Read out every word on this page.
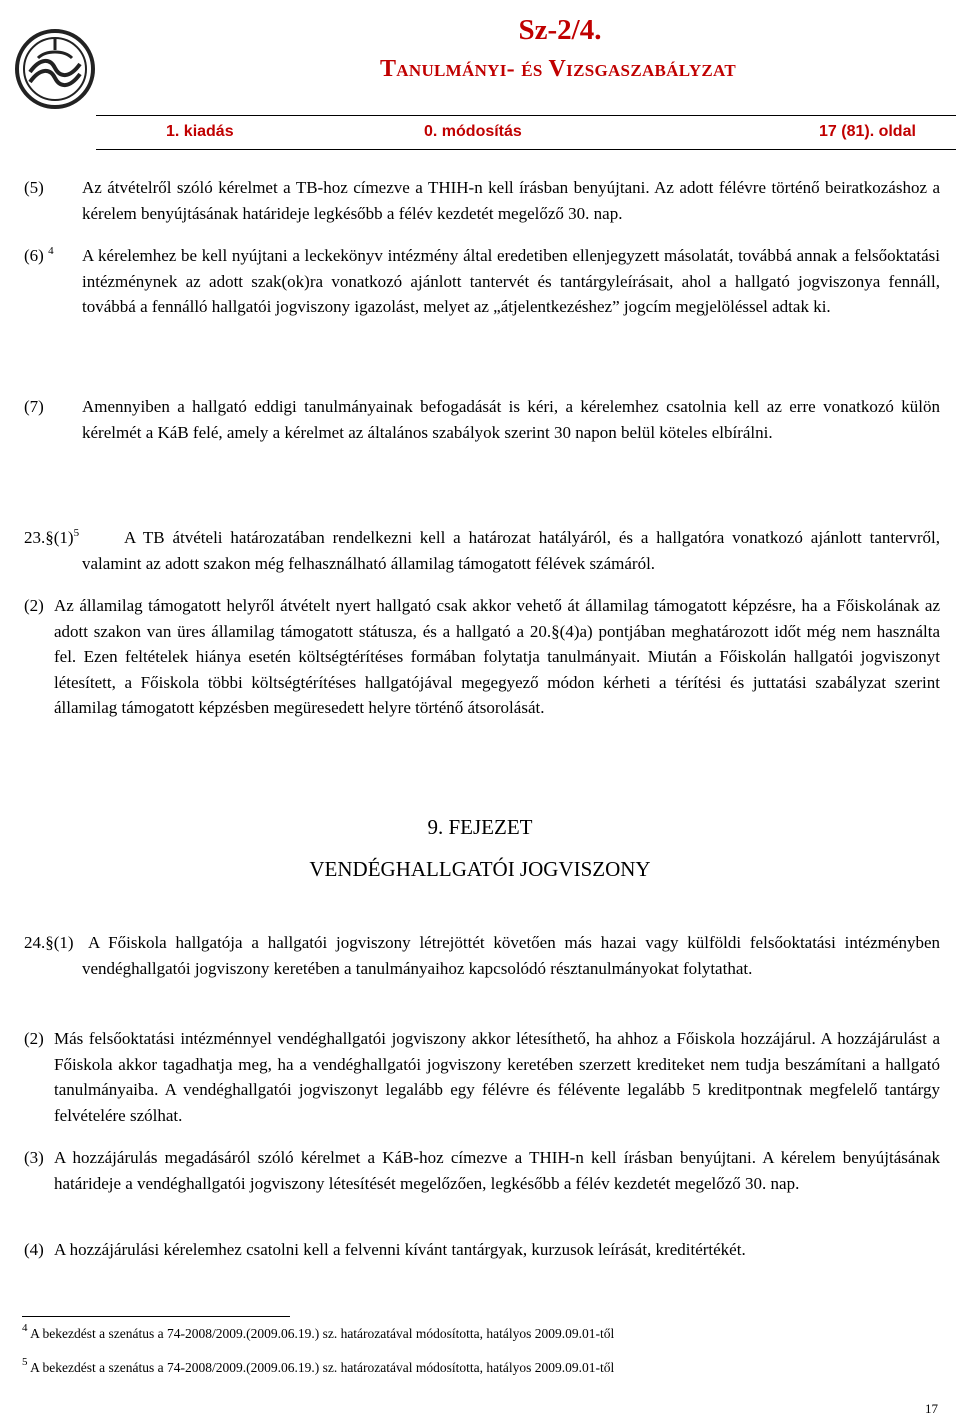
Sz-2/4.
Tanulmányi- és Vizsgaszabályzat
1. kiadás	0. módosítás	17 (81). oldal
(5) Az átvételről szóló kérelmet a TB-hoz címezve a THIH-n kell írásban benyújtani. Az adott félévre történő beiratkozáshoz a kérelem benyújtásának határideje legkésőbb a félév kezdetét megelőző 30. nap.
(6) $^4$ A kérelemhez be kell nyújtani a leckekönyv intézmény által eredetiben ellenjegyzett másolatát, továbbá annak a felsőoktatási intézménynek az adott szak(ok)ra vonatkozó ajánlott tantervét és tantárgyleírásait, ahol a hallgató jogviszonya fennáll, továbbá a fennálló hallgatói jogviszony igazolást, melyet az „átjelentkezéshez” jogcím megjelöléssel adtak ki.
(7) Amennyiben a hallgató eddigi tanulmányainak befogadását is kéri, a kérelemhez csatolnia kell az erre vonatkozó külön kérelmét a KáB felé, amely a kérelmet az általános szabályok szerint 30 napon belül köteles elbírálni.
$23.\S(1)^5$	A TB átvételi határozatában rendelkezni kell a határozat hatályáról, és a hallgatóra vonatkozó ajánlott tantervről, valamint az adott szakon még felhasználható államilag támogatott félévek számáról.
(2) Az államilag támogatott helyről átvételt nyert hallgató csak akkor vehető át államilag támogatott képzésre, ha a Főiskolának az adott szakon van üres államilag támogatott státusza, és a hallgató a 20.§(4)a) pontjában meghatározott időt még nem használta fel. Ezen feltételek hiánya esetén költségtérítéses formában folytatja tanulmányait. Miután a Főiskolán hallgatói jogviszonyt létesített, a Főiskola többi költségtérítéses hallgatójával megegyező módon kérheti a térítési és juttatási szabályzat szerint államilag támogatott képzésben megüresedett helyre történő átsorolását.
9. FEJEZET
VENDÉGHALLGATÓI JOGVISZONY
24.§(1) A Főiskola hallgatója a hallgatói jogviszony létrejöttét követően más hazai vagy külföldi felsőoktatási intézményben vendéghallgatói jogviszony keretében a tanulmányaihoz kapcsolódó résztanulmányokat folytathat.
(2) Más felsőoktatási intézménnyel vendéghallgatói jogviszony akkor létesíthető, ha ahhoz a Főiskola hozzájárul. A hozzájárulást a Főiskola akkor tagadhatja meg, ha a vendéghallgatói jogviszony keretében szerzett krediteket nem tudja beszámítani a hallgató tanulmányaiba. A vendéghallgatói jogviszonyt legalább egy félévre és félévente legalább 5 kreditpontnak megfelelő tantárgy felvételére szólhat.
(3) A hozzájárulás megadásáról szóló kérelmet a KáB-hoz címezve a THIH-n kell írásban benyújtani. A kérelem benyújtásának határideje a vendéghallgatói jogviszony létesítését megelőzően, legkésőbb a félév kezdetét megelőző 30. nap.
(4) A hozzájárulási kérelemhez csatolni kell a felvenni kívánt tantárgyak, kurzusok leírását, kreditértékét.
$^4$ A bekezdést a szenátus a 74-2008/2009.(2009.06.19.) sz. határozatával módosította, hatályos 2009.09.01-től
$^5$ A bekezdést a szenátus a 74-2008/2009.(2009.06.19.) sz. határozatával módosította, hatályos 2009.09.01-től
17
